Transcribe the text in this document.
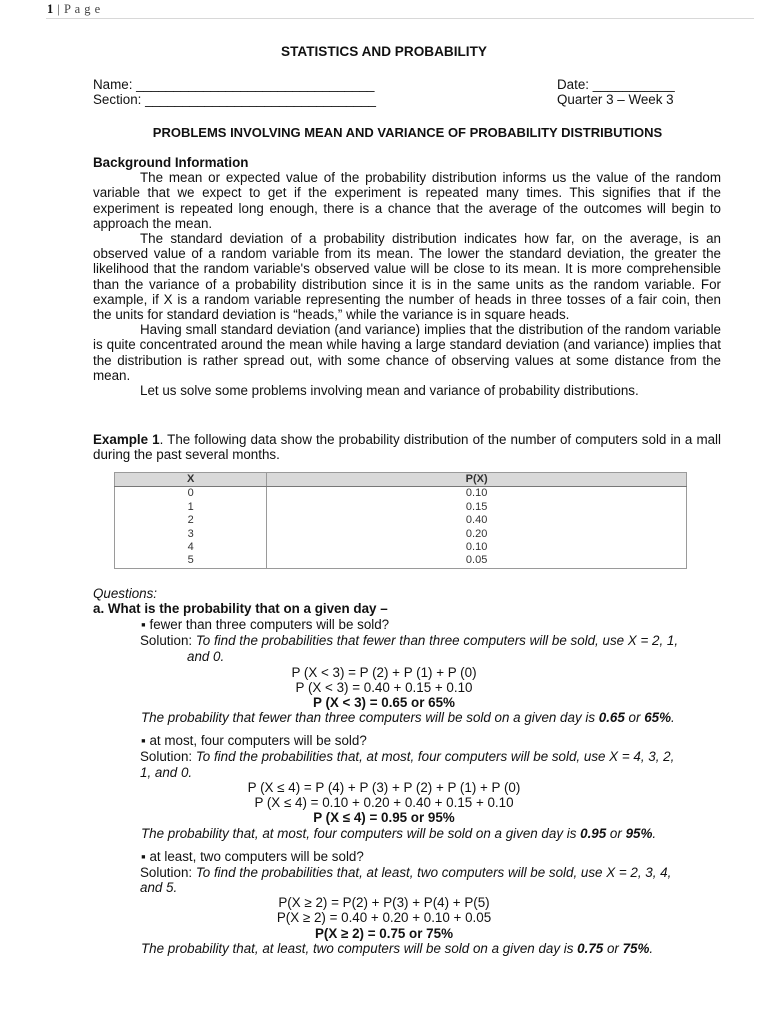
1 | P a g e
STATISTICS AND PROBABILITY
Name: ________________________________	Date: ___________
Section: _______________________________	Quarter 3 – Week 3
PROBLEMS INVOLVING MEAN AND VARIANCE OF PROBABILITY DISTRIBUTIONS
Background Information

The mean or expected value of the probability distribution informs us the value of the random variable that we expect to get if the experiment is repeated many times. This signifies that if the experiment is repeated long enough, there is a chance that the average of the outcomes will begin to approach the mean.

The standard deviation of a probability distribution indicates how far, on the average, is an observed value of a random variable from its mean. The lower the standard deviation, the greater the likelihood that the random variable's observed value will be close to its mean. It is more comprehensible than the variance of a probability distribution since it is in the same units as the random variable. For example, if X is a random variable representing the number of heads in three tosses of a fair coin, then the units for standard deviation is “heads,” while the variance is in square heads.

Having small standard deviation (and variance) implies that the distribution of the random variable is quite concentrated around the mean while having a large standard deviation (and variance) implies that the distribution is rather spread out, with some chance of observing values at some distance from the mean.

Let us solve some problems involving mean and variance of probability distributions.

Example 1. The following data show the probability distribution of the number of computers sold in a mall during the past several months.
X	P(X)
0	0.10
1	0.15
2	0.40
3	0.20
4	0.10
5	0.05
Questions:
a. What is the probability that on a given day –
▪ fewer than three computers will be sold?
Solution: To find the probabilities that fewer than three computers will be sold, use X = 2, 1,
and 0.
P (X < 3) = P (2) + P (1) + P (0)
P (X < 3) = 0.40 + 0.15 + 0.10
P (X < 3) = 0.65 or 65%
The probability that fewer than three computers will be sold on a given day is 0.65 or 65%.
▪ at most, four computers will be sold?
Solution: To find the probabilities that, at most, four computers will be sold, use X = 4, 3, 2,
1, and 0.
P (X ≤ 4) = P (4) + P (3) + P (2) + P (1) + P (0)
P (X ≤ 4) = 0.10 + 0.20 + 0.40 + 0.15 + 0.10
P (X ≤ 4) = 0.95 or 95%
The probability that, at most, four computers will be sold on a given day is 0.95 or 95%.
▪ at least, two computers will be sold?
Solution: To find the probabilities that, at least, two computers will be sold, use X = 2, 3, 4,
and 5.
P(X ≥ 2) = P(2) + P(3) + P(4) + P(5)
P(X ≥ 2) = 0.40 + 0.20 + 0.10 + 0.05
P(X ≥ 2) = 0.75 or 75%
The probability that, at least, two computers will be sold on a given day is 0.75 or 75%.
